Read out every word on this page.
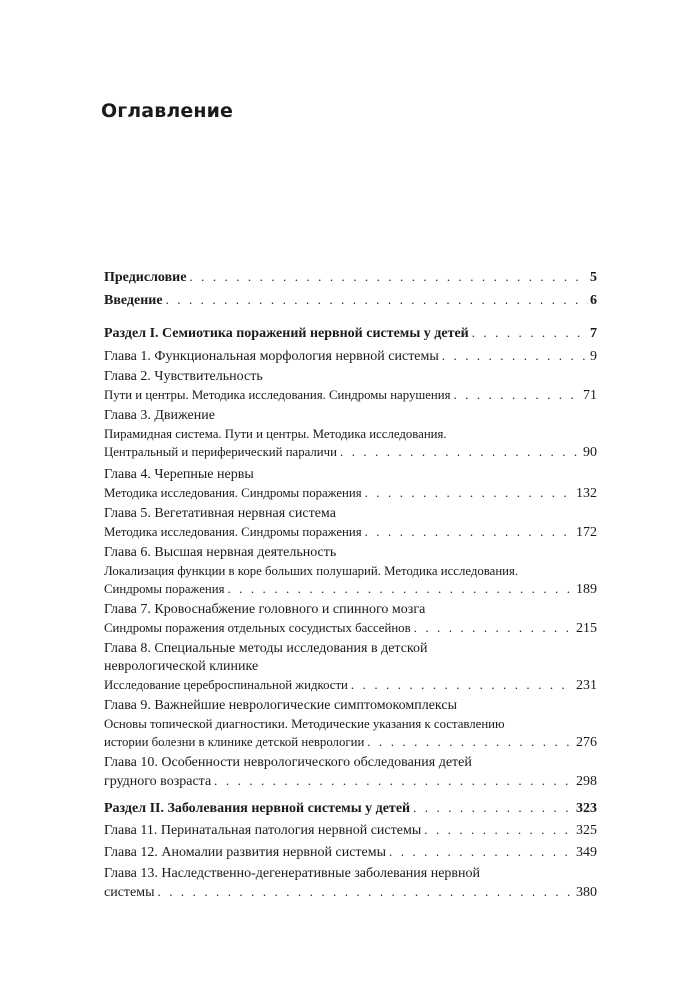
Оглавление
Предисловие . . .	5
Введение . . .	6
Раздел I. Семиотика поражений нервной системы у детей . . .	7
Глава 1. Функциональная морфология нервной системы . . .	9
Глава 2. Чувствительность
Пути и центры. Методика исследования. Синдромы нарушения . . .	71
Глава 3. Движение
Пирамидная система. Пути и центры. Методика исследования.
Центральный и периферический параличи . . .	90
Глава 4. Черепные нервы
Методика исследования. Синдромы поражения . . .	132
Глава 5. Вегетативная нервная система
Методика исследования. Синдромы поражения . . .	172
Глава 6. Высшая нервная деятельность
Локализация функции в коре больших полушарий. Методика исследования.
Синдромы поражения . . .	189
Глава 7. Кровоснабжение головного и спинного мозга
Синдромы поражения отдельных сосудистых бассейнов . . .	215
Глава 8. Специальные методы исследования в детской
неврологической клинике
Исследование цереброспинальной жидкости . . .	231
Глава 9. Важнейшие неврологические симптомокомплексы
Основы топической диагностики. Методические указания к составлению
истории болезни в клинике детской неврологии . . .	276
Глава 10. Особенности неврологического обследования детей
грудного возраста . . .	298
Раздел II. Заболевания нервной системы у детей . . .	323
Глава 11. Перинатальная патология нервной системы . . .	325
Глава 12. Аномалии развития нервной системы . . .	349
Глава 13. Наследственно-дегенеративные заболевания нервной
системы . . .	380
